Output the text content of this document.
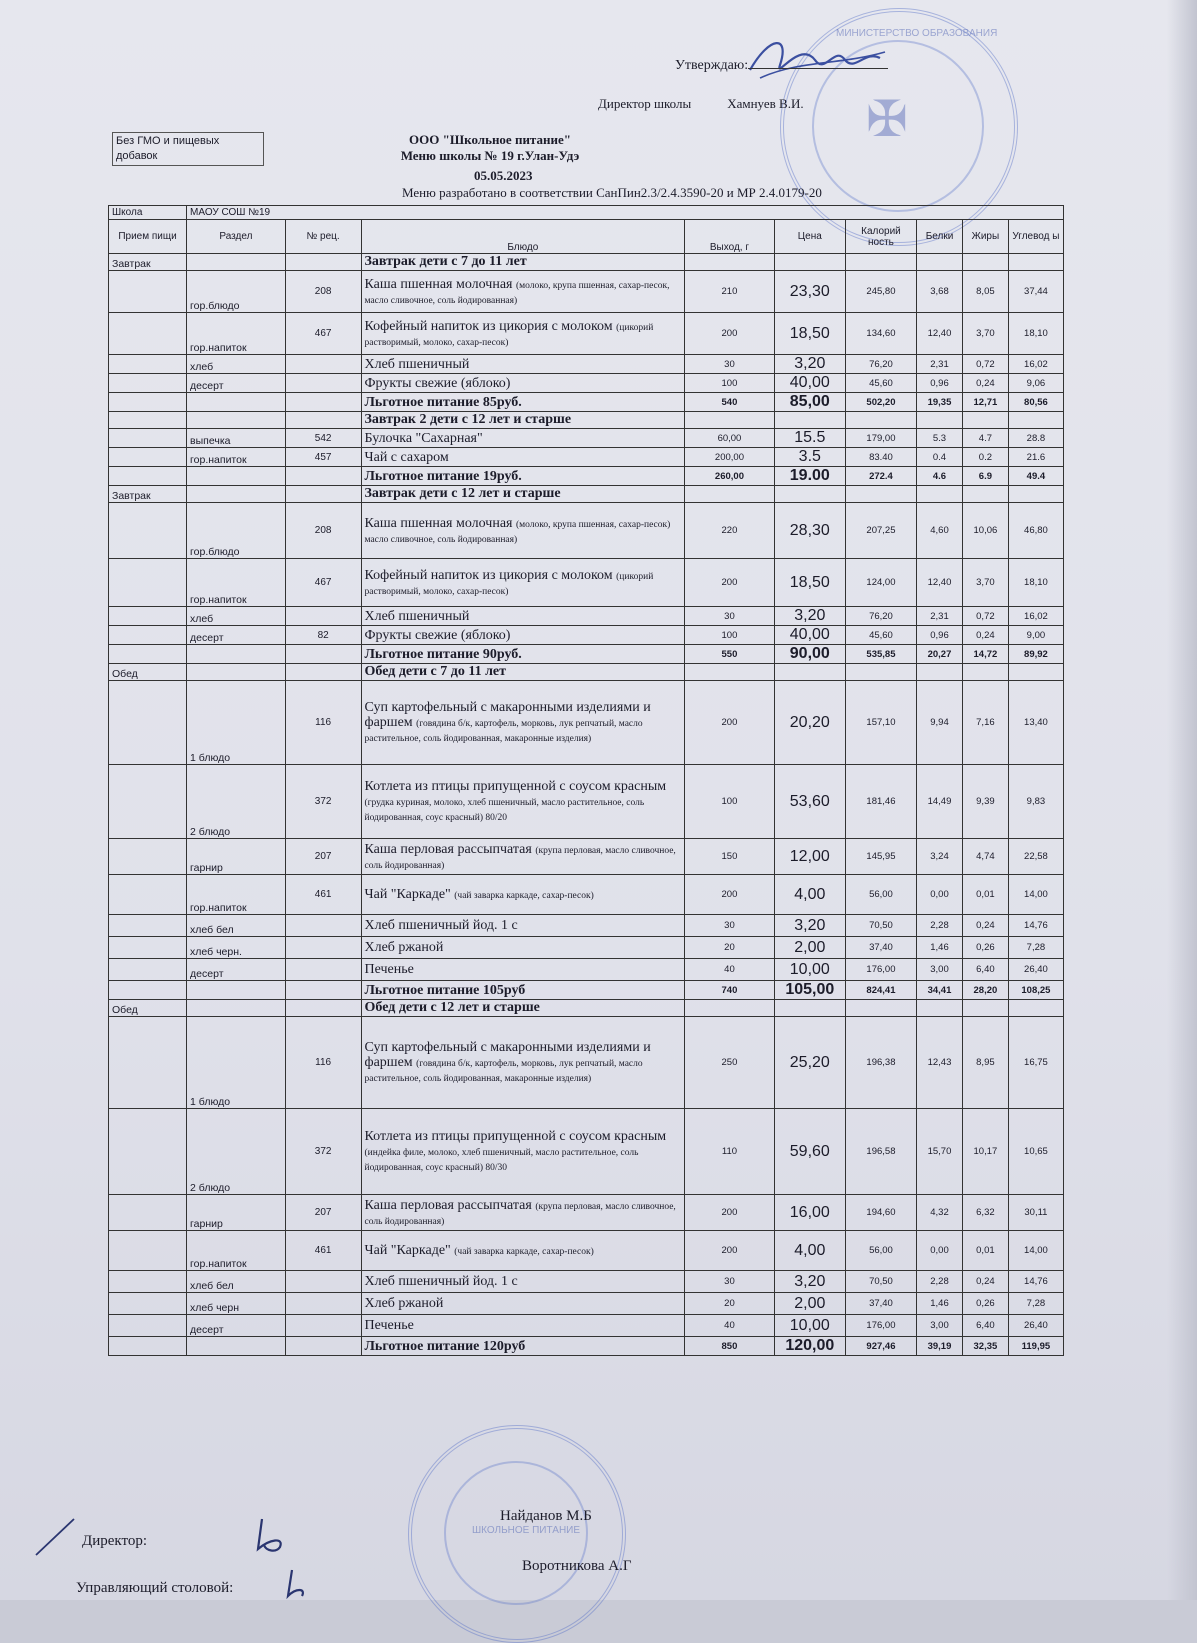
✠
МИНИСТЕРСТВО ОБРАЗОВАНИЯ
Утверждаю:
Директор школы	Хамнуев В.И.
Без ГМО и пищевых добавок
ООО "Школьное питание"
Меню школы № 19 г.Улан-Удэ
05.05.2023
Меню разработано в соответствии СанПин2.3/2.4.3590-20 и МР 2.4.0179-20
Школа	МАОУ СОШ №19								
Прием пищи	Раздел	№ рец.	Блюдо	Выход, г	Цена	Калорий ность	Белки	Жиры	Углевод ы
Завтрак			Завтрак дети с 7 до 11 лет						
	гор.блюдо	208	Каша пшенная молочная (молоко, крупа пшенная, сахар-песок, масло сливочное, соль йодированная)	210	23,30	245,80	3,68	8,05	37,44
	гор.напиток	467	Кофейный напиток из цикория с молоком (цикорий растворимый, молоко, сахар-песок)	200	18,50	134,60	12,40	3,70	18,10
	хлеб		Хлеб пшеничный	30	3,20	76,20	2,31	0,72	16,02
	десерт		Фрукты свежие (яблоко)	100	40,00	45,60	0,96	0,24	9,06
			Льготное питание 85руб.	540	85,00	502,20	19,35	12,71	80,56
			Завтрак 2 дети с 12 лет и старше						
	выпечка	542	Булочка "Сахарная"	60,00	15.5	179,00	5.3	4.7	28.8
	гор.напиток	457	Чай с сахаром	200,00	3.5	83.40	0.4	0.2	21.6
			Льготное питание 19руб.	260,00	19.00	272.4	4.6	6.9	49.4
Завтрак			Завтрак дети с 12 лет и старше						
	гор.блюдо	208	Каша пшенная молочная (молоко, крупа пшенная, сахар-песок) масло сливочное, соль йодированная)	220	28,30	207,25	4,60	10,06	46,80
	гор.напиток	467	Кофейный напиток из цикория с молоком (цикорий растворимый, молоко, сахар-песок)	200	18,50	124,00	12,40	3,70	18,10
	хлеб		Хлеб пшеничный	30	3,20	76,20	2,31	0,72	16,02
	десерт	82	Фрукты свежие (яблоко)	100	40,00	45,60	0,96	0,24	9,00
			Льготное питание 90руб.	550	90,00	535,85	20,27	14,72	89,92
Обед			Обед дети с 7 до 11 лет						
	1 блюдо	116	Суп картофельный с макаронными изделиями и фаршем (говядина б/к, картофель, морковь, лук репчатый, масло растительное, соль йодированная, макаронные изделия)	200	20,20	157,10	9,94	7,16	13,40
	2 блюдо	372	Котлета из птицы припущенной с соусом красным (грудка куриная, молоко, хлеб пшеничный, масло растительное, соль йодированная, соус красный) 80/20	100	53,60	181,46	14,49	9,39	9,83
	гарнир	207	Каша перловая рассыпчатая (крупа перловая, масло сливочное, соль йодированная)	150	12,00	145,95	3,24	4,74	22,58
	гор.напиток	461	Чай "Каркаде" (чай заварка каркаде, сахар-песок)	200	4,00	56,00	0,00	0,01	14,00
	хлеб бел		Хлеб пшеничный йод. 1 с	30	3,20	70,50	2,28	0,24	14,76
	хлеб черн.		Хлеб ржаной	20	2,00	37,40	1,46	0,26	7,28
	десерт		Печенье	40	10,00	176,00	3,00	6,40	26,40
			Льготное питание 105руб	740	105,00	824,41	34,41	28,20	108,25
Обед			Обед дети с 12 лет и старше						
	1 блюдо	116	Суп картофельный с макаронными изделиями и фаршем (говядина б/к, картофель, морковь, лук репчатый, масло растительное, соль йодированная, макаронные изделия)	250	25,20	196,38	12,43	8,95	16,75
	2 блюдо	372	Котлета из птицы припущенной с соусом красным (индейка филе, молоко, хлеб пшеничный, масло растительное, соль йодированная, соус красный) 80/30	110	59,60	196,58	15,70	10,17	10,65
	гарнир	207	Каша перловая рассыпчатая (крупа перловая, масло сливочное, соль йодированная)	200	16,00	194,60	4,32	6,32	30,11
	гор.напиток	461	Чай "Каркаде" (чай заварка каркаде, сахар-песок)	200	4,00	56,00	0,00	0,01	14,00
	хлеб бел		Хлеб пшеничный йод. 1 с	30	3,20	70,50	2,28	0,24	14,76
	хлеб черн		Хлеб ржаной	20	2,00	37,40	1,46	0,26	7,28
	десерт		Печенье	40	10,00	176,00	3,00	6,40	26,40
			Льготное питание 120руб	850	120,00	927,46	39,19	32,35	119,95
ШКОЛЬНОЕ ПИТАНИЕ
Найданов М.Б
Директор:
Воротникова А.Г
Управляющий столовой:
